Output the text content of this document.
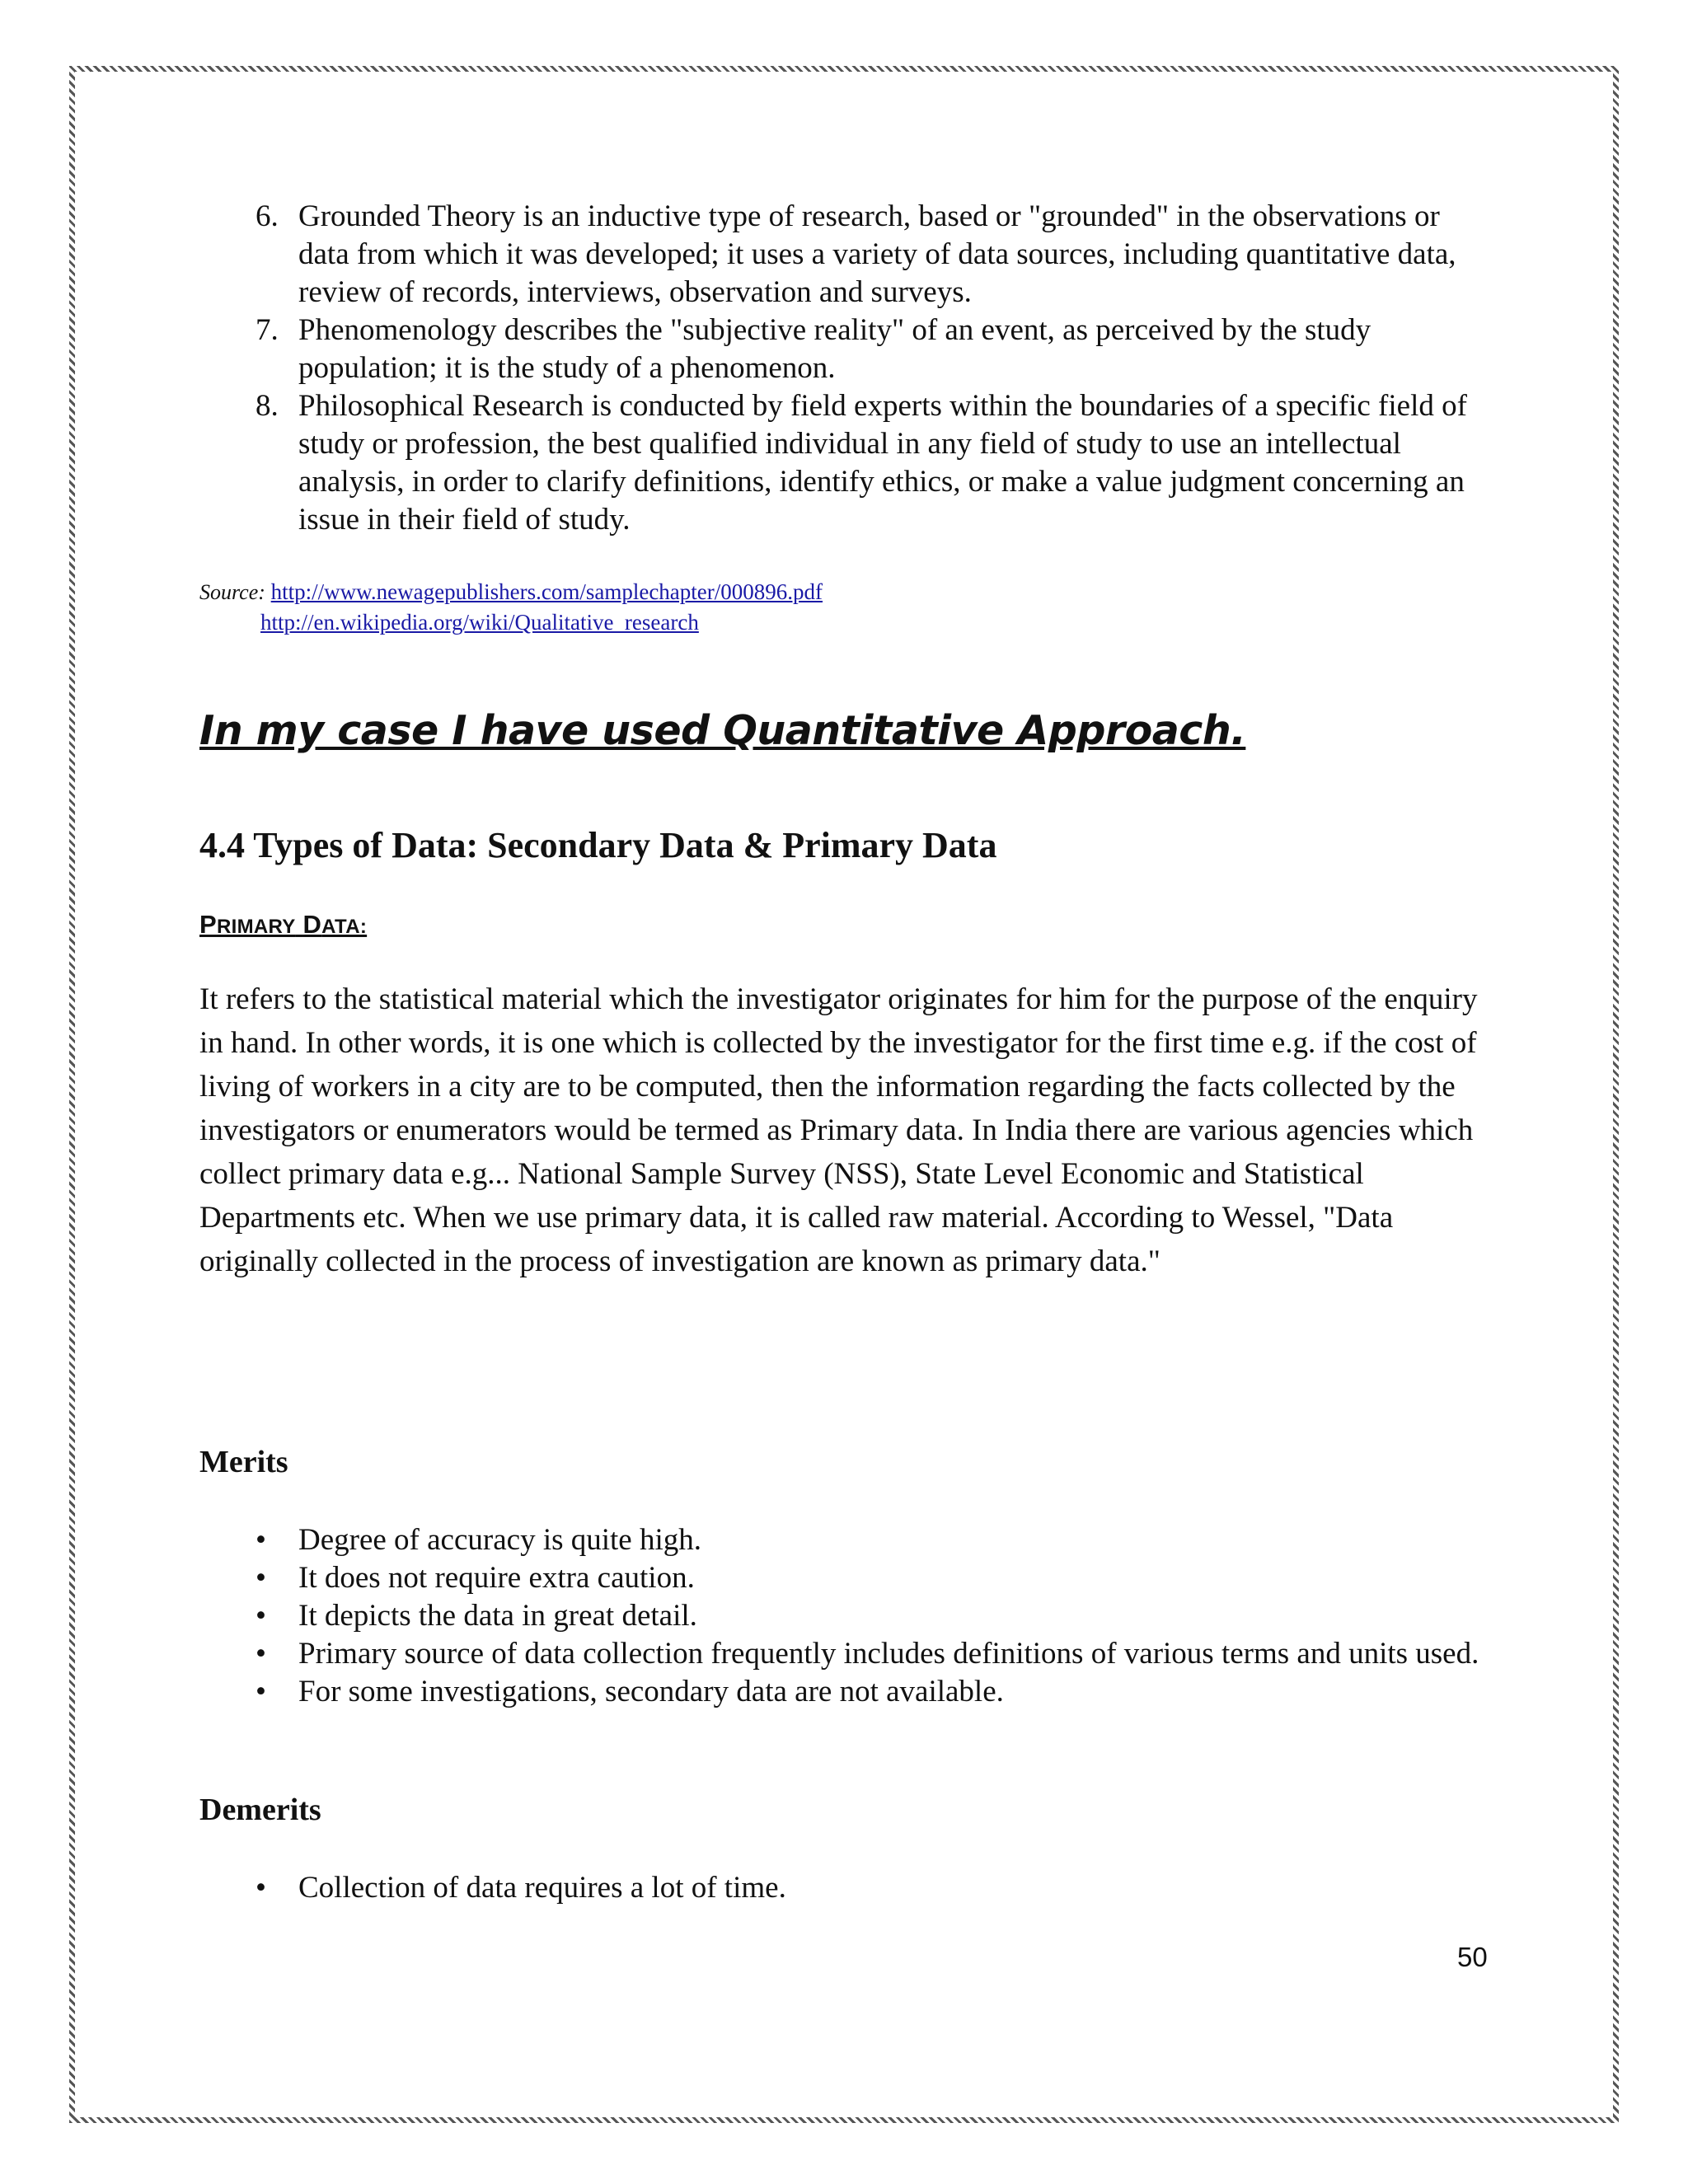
6. Grounded Theory is an inductive type of research, based or "grounded" in the observations or data from which it was developed; it uses a variety of data sources, including quantitative data, review of records, interviews, observation and surveys.
7. Phenomenology describes the "subjective reality" of an event, as perceived by the study population; it is the study of a phenomenon.
8. Philosophical Research is conducted by field experts within the boundaries of a specific field of study or profession, the best qualified individual in any field of study to use an intellectual analysis, in order to clarify definitions, identify ethics, or make a value judgment concerning an issue in their field of study.
Source: http://www.newagepublishers.com/samplechapter/000896.pdf
http://en.wikipedia.org/wiki/Qualitative_research
In my case I have used Quantitative Approach.
4.4 Types of Data: Secondary Data & Primary Data
PRIMARY DATA:

It refers to the statistical material which the investigator originates for him for the purpose of the enquiry in hand. In other words, it is one which is collected by the investigator for the first time e.g. if the cost of living of workers in a city are to be computed, then the information regarding the facts collected by the investigators or enumerators would be termed as Primary data. In India there are various agencies which collect primary data e.g... National Sample Survey (NSS), State Level Economic and Statistical Departments etc. When we use primary data, it is called raw material. According to Wessel, "Data originally collected in the process of investigation are known as primary data."

Merits
• Degree of accuracy is quite high.
• It does not require extra caution.
• It depicts the data in great detail.
• Primary source of data collection frequently includes definitions of various terms and units used.
• For some investigations, secondary data are not available.
Demerits
• Collection of data requires a lot of time.
50
